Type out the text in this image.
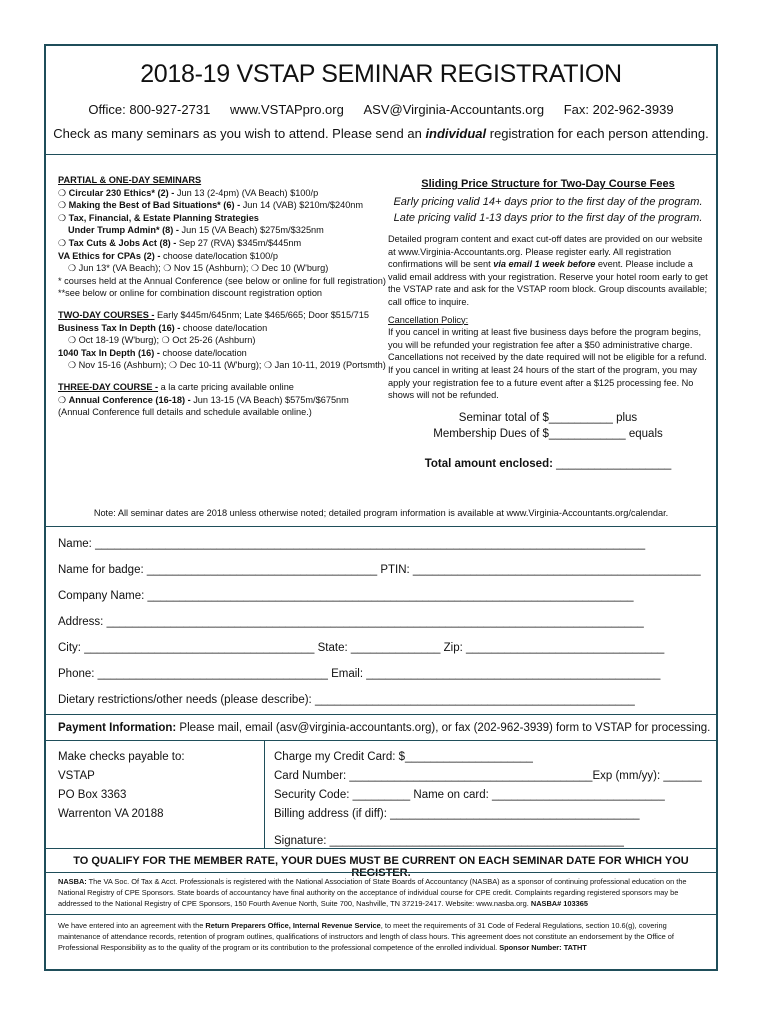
2018-19 VSTAP SEMINAR REGISTRATION
Office: 800-927-2731 www.VSTAPpro.org ASV@Virginia-Accountants.org Fax: 202-962-3939
Check as many seminars as you wish to attend. Please send an individual registration for each person attending.
PARTIAL & ONE-DAY SEMINARS
❍ Circular 230 Ethics* (2) - Jun 13 (2-4pm) (VA Beach) $100/p
❍ Making the Best of Bad Situations* (6) - Jun 14 (VAB) $210m/$240nm
❍ Tax, Financial, & Estate Planning Strategies
Under Trump Admin* (8) - Jun 15 (VA Beach) $275m/$325nm
❍ Tax Cuts & Jobs Act (8) - Sep 27 (RVA) $345m/$445nm
VA Ethics for CPAs (2) - choose date/location $100/p
❍ Jun 13* (VA Beach); ❍ Nov 15 (Ashburn); ❍ Dec 10 (W'burg)
* courses held at the Annual Conference (see below or online for full registration)
**see below or online for combination discount registration option
TWO-DAY COURSES - Early $445m/645nm; Late $465/665; Door $515/715
Business Tax In Depth (16) - choose date/location
❍ Oct 18-19 (W'burg); ❍ Oct 25-26 (Ashburn)
1040 Tax In Depth (16) - choose date/location
❍ Nov 15-16 (Ashburn); ❍ Dec 10-11 (W'burg); ❍ Jan 10-11, 2019 (Portsmth)
THREE-DAY COURSE - a la carte pricing available online
❍ Annual Conference (16-18) - Jun 13-15 (VA Beach) $575m/$675nm
(Annual Conference full details and schedule available online.)
Sliding Price Structure for Two-Day Course Fees
Early pricing valid 14+ days prior to the first day of the program.
Late pricing valid 1-13 days prior to the first day of the program.
Detailed program content and exact cut-off dates are provided on our website at www.Virginia-Accountants.org. Please register early. All registration confirmations will be sent via email 1 week before event. Please include a valid email address with your registration. Reserve your hotel room early to get the VSTAP rate and ask for the VSTAP room block. Group discounts available; call office to inquire.
Cancellation Policy:
If you cancel in writing at least five business days before the program begins, you will be refunded your registration fee after a $50 administrative charge. Cancellations not received by the date required will not be eligible for a refund. If you cancel in writing at least 24 hours of the start of the program, you may apply your registration fee to a future event after a $125 processing fee. No shows will not be refunded.
Seminar total of $__________ plus
Membership Dues of $____________ equals
Total amount enclosed: __________________
Note: All seminar dates are 2018 unless otherwise noted; detailed program information is available at www.Virginia-Accountants.org/calendar.
Name: ______________________________________________________________________________________
Name for badge: ____________________________________ PTIN: _____________________________________________
Company Name: ____________________________________________________________________________
Address: ____________________________________________________________________________________
City: ____________________________________ State: ______________ Zip: _______________________________
Phone: ____________________________________ Email: ______________________________________________
Dietary restrictions/other needs (please describe): __________________________________________________
Payment Information: Please mail, email (asv@virginia-accountants.org), or fax (202-962-3939) form to VSTAP for processing.
Make checks payable to:
VSTAP
PO Box 3363
Warrenton VA 20188
Charge my Credit Card: $____________________
Card Number: ______________________________________Exp (mm/yy): ______
Security Code: _________ Name on card: ___________________________
Billing address (if diff): _______________________________________
Signature: ______________________________________________
TO QUALIFY FOR THE MEMBER RATE, YOUR DUES MUST BE CURRENT ON EACH SEMINAR DATE FOR WHICH YOU REGISTER.
NASBA: The VA Soc. Of Tax & Acct. Professionals is registered with the National Association of State Boards of Accountancy (NASBA) as a sponsor of continuing professional education on the National Registry of CPE Sponsors. State boards of accountancy have final authority on the acceptance of individual course for CPE credit. Complaints regarding registered sponsors may be addressed to the National Registry of CPE Sponsors, 150 Fourth Avenue North, Suite 700, Nashville, TN 37219-2417. Website: www.nasba.org. NASBA# 103365
We have entered into an agreement with the Return Preparers Office, Internal Revenue Service, to meet the requirements of 31 Code of Federal Regulations, section 10.6(g), covering maintenance of attendance records, retention of program outlines, qualifications of instructors and length of class hours. This agreement does not constitute an endorsement by the Office of Professional Responsibility as to the quality of the program or its contribution to the professional competence of the enrolled individual. Sponsor Number: TATHT
